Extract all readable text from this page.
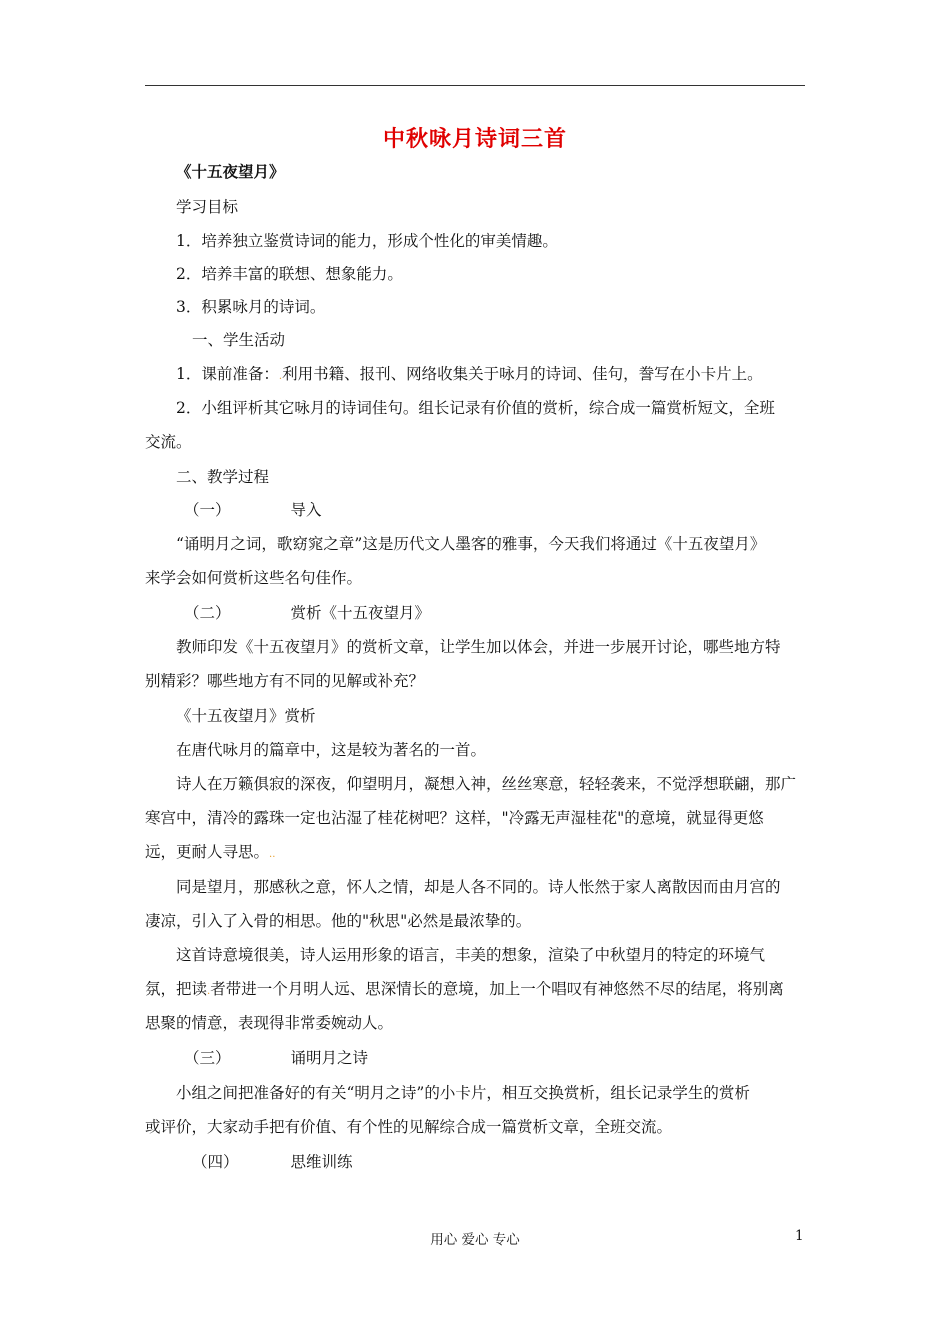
中秋咏月诗词三首
《十五夜望月》
学习目标
1．培养独立鉴赏诗词的能力，形成个性化的审美情趣。
2．培养丰富的联想、想象能力。
3．积累咏月的诗词。
一、学生活动
1．课前准备：.利用书籍、报刊、网络收集关于咏月的诗词、佳句，誊写在小卡片上。
2．小组评析其它咏月的诗词佳句。组长记录有价值的赏析，综合成一篇赏析短文，全班
交流。
二、教学过程
（一）	导入
“诵明月之词，歌窈窕之章”这是历代文人墨客的雅事，今天我们将通过《十五夜望月》
来学会如何赏析这些名句佳作。
（二）	赏析《十五夜望月》
教师印发《十五夜望月》的赏析文章，让学生加以体会，并进一步展开讨论，哪些地方特
别精彩？哪些地方有不同的见解或补充？
《十五夜望月》赏析
在唐代咏月的篇章中，这是较为著名的一首。
诗人在万籁俱寂的深夜，仰望明月，凝想入神，丝丝寒意，轻轻袭来，不觉浮想联翩，那广
寒宫中，清冷的露珠一定也沾湿了桂花树吧？这样，"冷露无声湿桂花"的意境，就显得更悠
远，更耐人寻思。..
同是望月，那感秋之意，怀人之情，却是人各不同的。诗人怅然于家人离散因而由月宫的
凄凉，引入了入骨的相思。他的"秋思"必然是最浓挚的。
这首诗意境很美，诗人运用形象的语言，丰美的想象，渲染了中秋望月的特定的环境气
氛，把读.者带进一个月明人远、思深情长的意境，加上一个唱叹有神悠然不尽的结尾，将别离
思聚的情意，表现得非常委婉动人。
（三）	诵明月之诗
小组之间把准备好的有关“明月之诗”的小卡片，相互交换赏析，组长记录学生的赏析
或评价，大家动手把有价值、有个性的见解综合成一篇赏析文章，全班交流。
（四）	思维训练
用心 爱心 专心	1
